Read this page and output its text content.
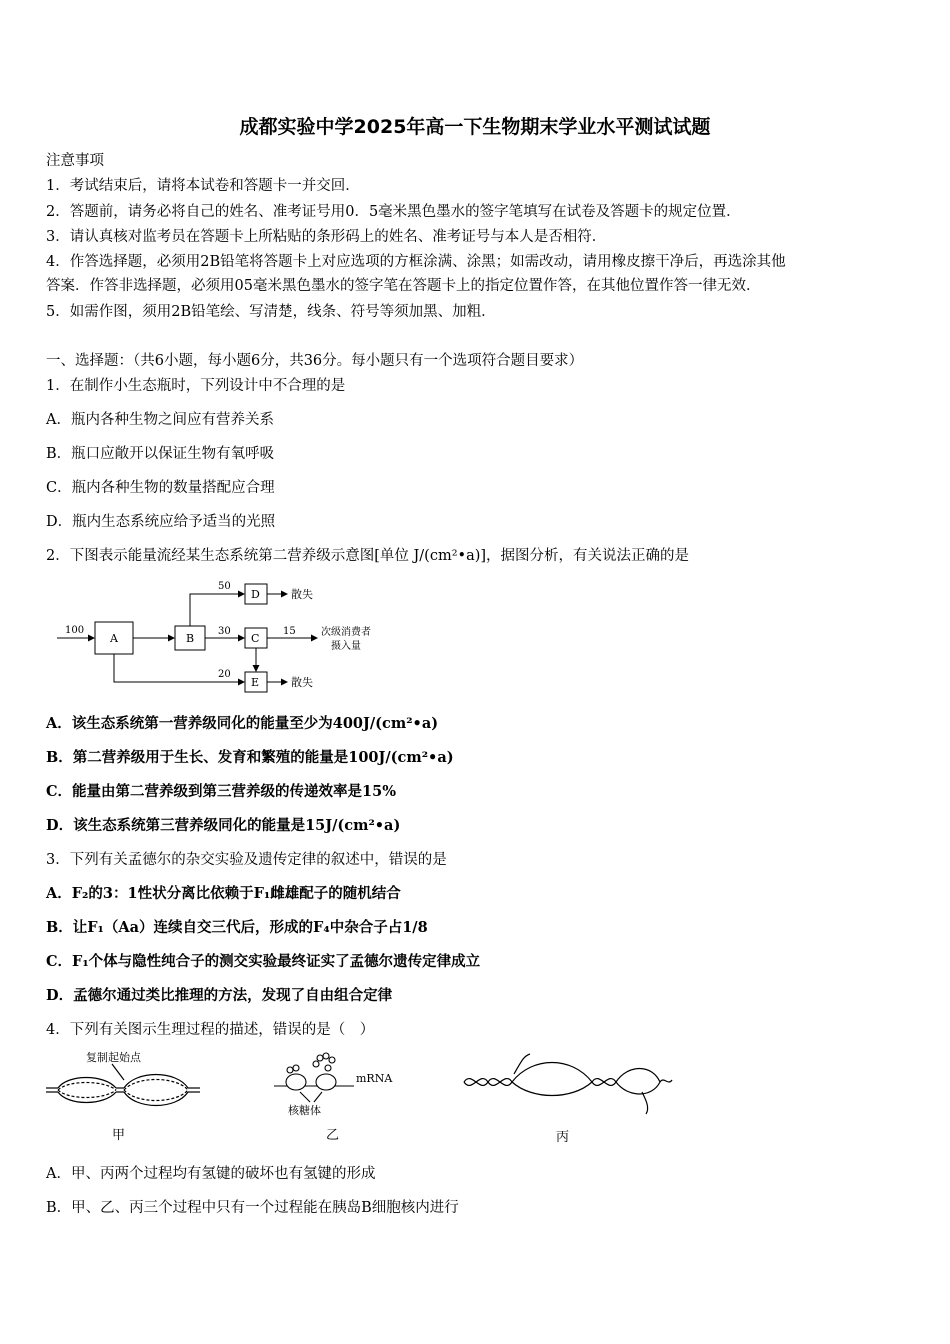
成都实验中学2025年高一下生物期末学业水平测试试题
注意事项
1．考试结束后，请将本试卷和答题卡一并交回．
2．答题前，请务必将自己的姓名、准考证号用0．5毫米黑色墨水的签字笔填写在试卷及答题卡的规定位置．
3．请认真核对监考员在答题卡上所粘贴的条形码上的姓名、准考证号与本人是否相符．
4．作答选择题，必须用2B铅笔将答题卡上对应选项的方框涂满、涂黑；如需改动，请用橡皮擦干净后，再选涂其他
答案．作答非选择题，必须用05毫米黑色墨水的签字笔在答题卡上的指定位置作答，在其他位置作答一律无效．
5．如需作图，须用2B铅笔绘、写清楚，线条、符号等须加黑、加粗．
一、选择题：（共6小题，每小题6分，共36分。每小题只有一个选项符合题目要求）
1．在制作小生态瓶时，下列设计中不合理的是
A．瓶内各种生物之间应有营养关系
B．瓶口应敞开以保证生物有氧呼吸
C．瓶内各种生物的数量搭配应合理
D．瓶内生态系统应给予适当的光照
2．下图表示能量流经某生态系统第二营养级示意图[单位 J/(cm²•a)]，据图分析，有关说法正确的是
A	B	C
D
E
100
50
30	15
20
散失
次级消费者
摄入量
散失
A．该生态系统第一营养级同化的能量至少为400J/(cm²•a)
B．第二营养级用于生长、发育和繁殖的能量是100J/(cm²•a)
C．能量由第二营养级到第三营养级的传递效率是15%
D．该生态系统第三营养级同化的能量是15J/(cm²•a)
3．下列有关孟德尔的杂交实验及遗传定律的叙述中，错误的是
A．F₂的3：1性状分离比依赖于F₁雌雄配子的随机结合
B．让F₁（Aa）连续自交三代后，形成的F₄中杂合子占1/8
C．F₁个体与隐性纯合子的测交实验最终证实了孟德尔遗传定律成立
D．孟德尔通过类比推理的方法，发现了自由组合定律
4．下列有关图示生理过程的描述，错误的是（　）
复制起始点
甲
mRNA
核糖体
乙	丙
A．甲、丙两个过程均有氢键的破坏也有氢键的形成
B．甲、乙、丙三个过程中只有一个过程能在胰岛B细胞核内进行
